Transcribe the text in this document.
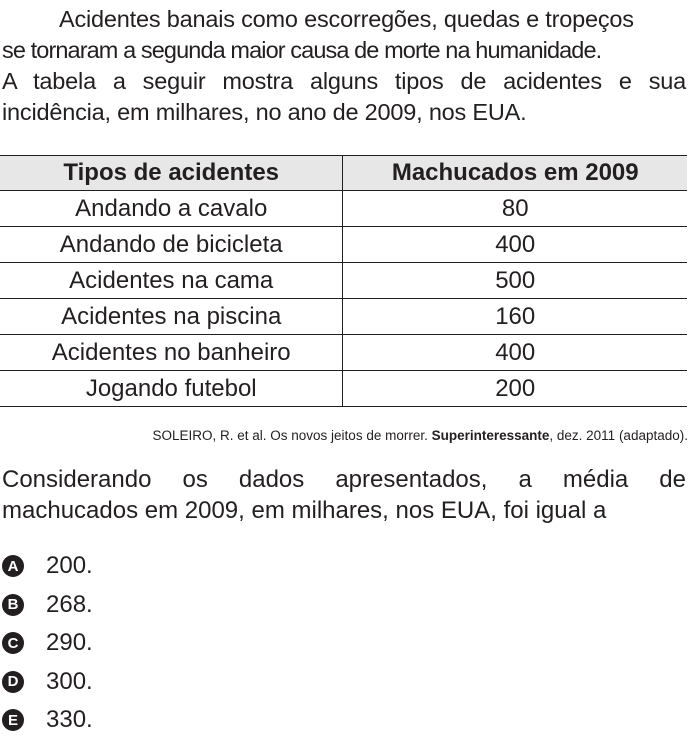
Acidentes banais como escorregões, quedas e tropeços
se tornaram a segunda maior causa de morte na humanidade.
A tabela a seguir mostra alguns tipos de acidentes e sua incidência, em milhares, no ano de 2009, nos EUA.
Tipos de acidentes	Machucados em 2009
Andando a cavalo	80
Andando de bicicleta	400
Acidentes na cama	500
Acidentes na piscina	160
Acidentes no banheiro	400
Jogando futebol	200
SOLEIRO, R. et al. Os novos jeitos de morrer. Superinteressante, dez. 2011 (adaptado).
Considerando os dados apresentados, a média de
machucados em 2009, em milhares, nos EUA, foi igual a
A 200.
B 268.
C 290.
D 300.
E 330.
